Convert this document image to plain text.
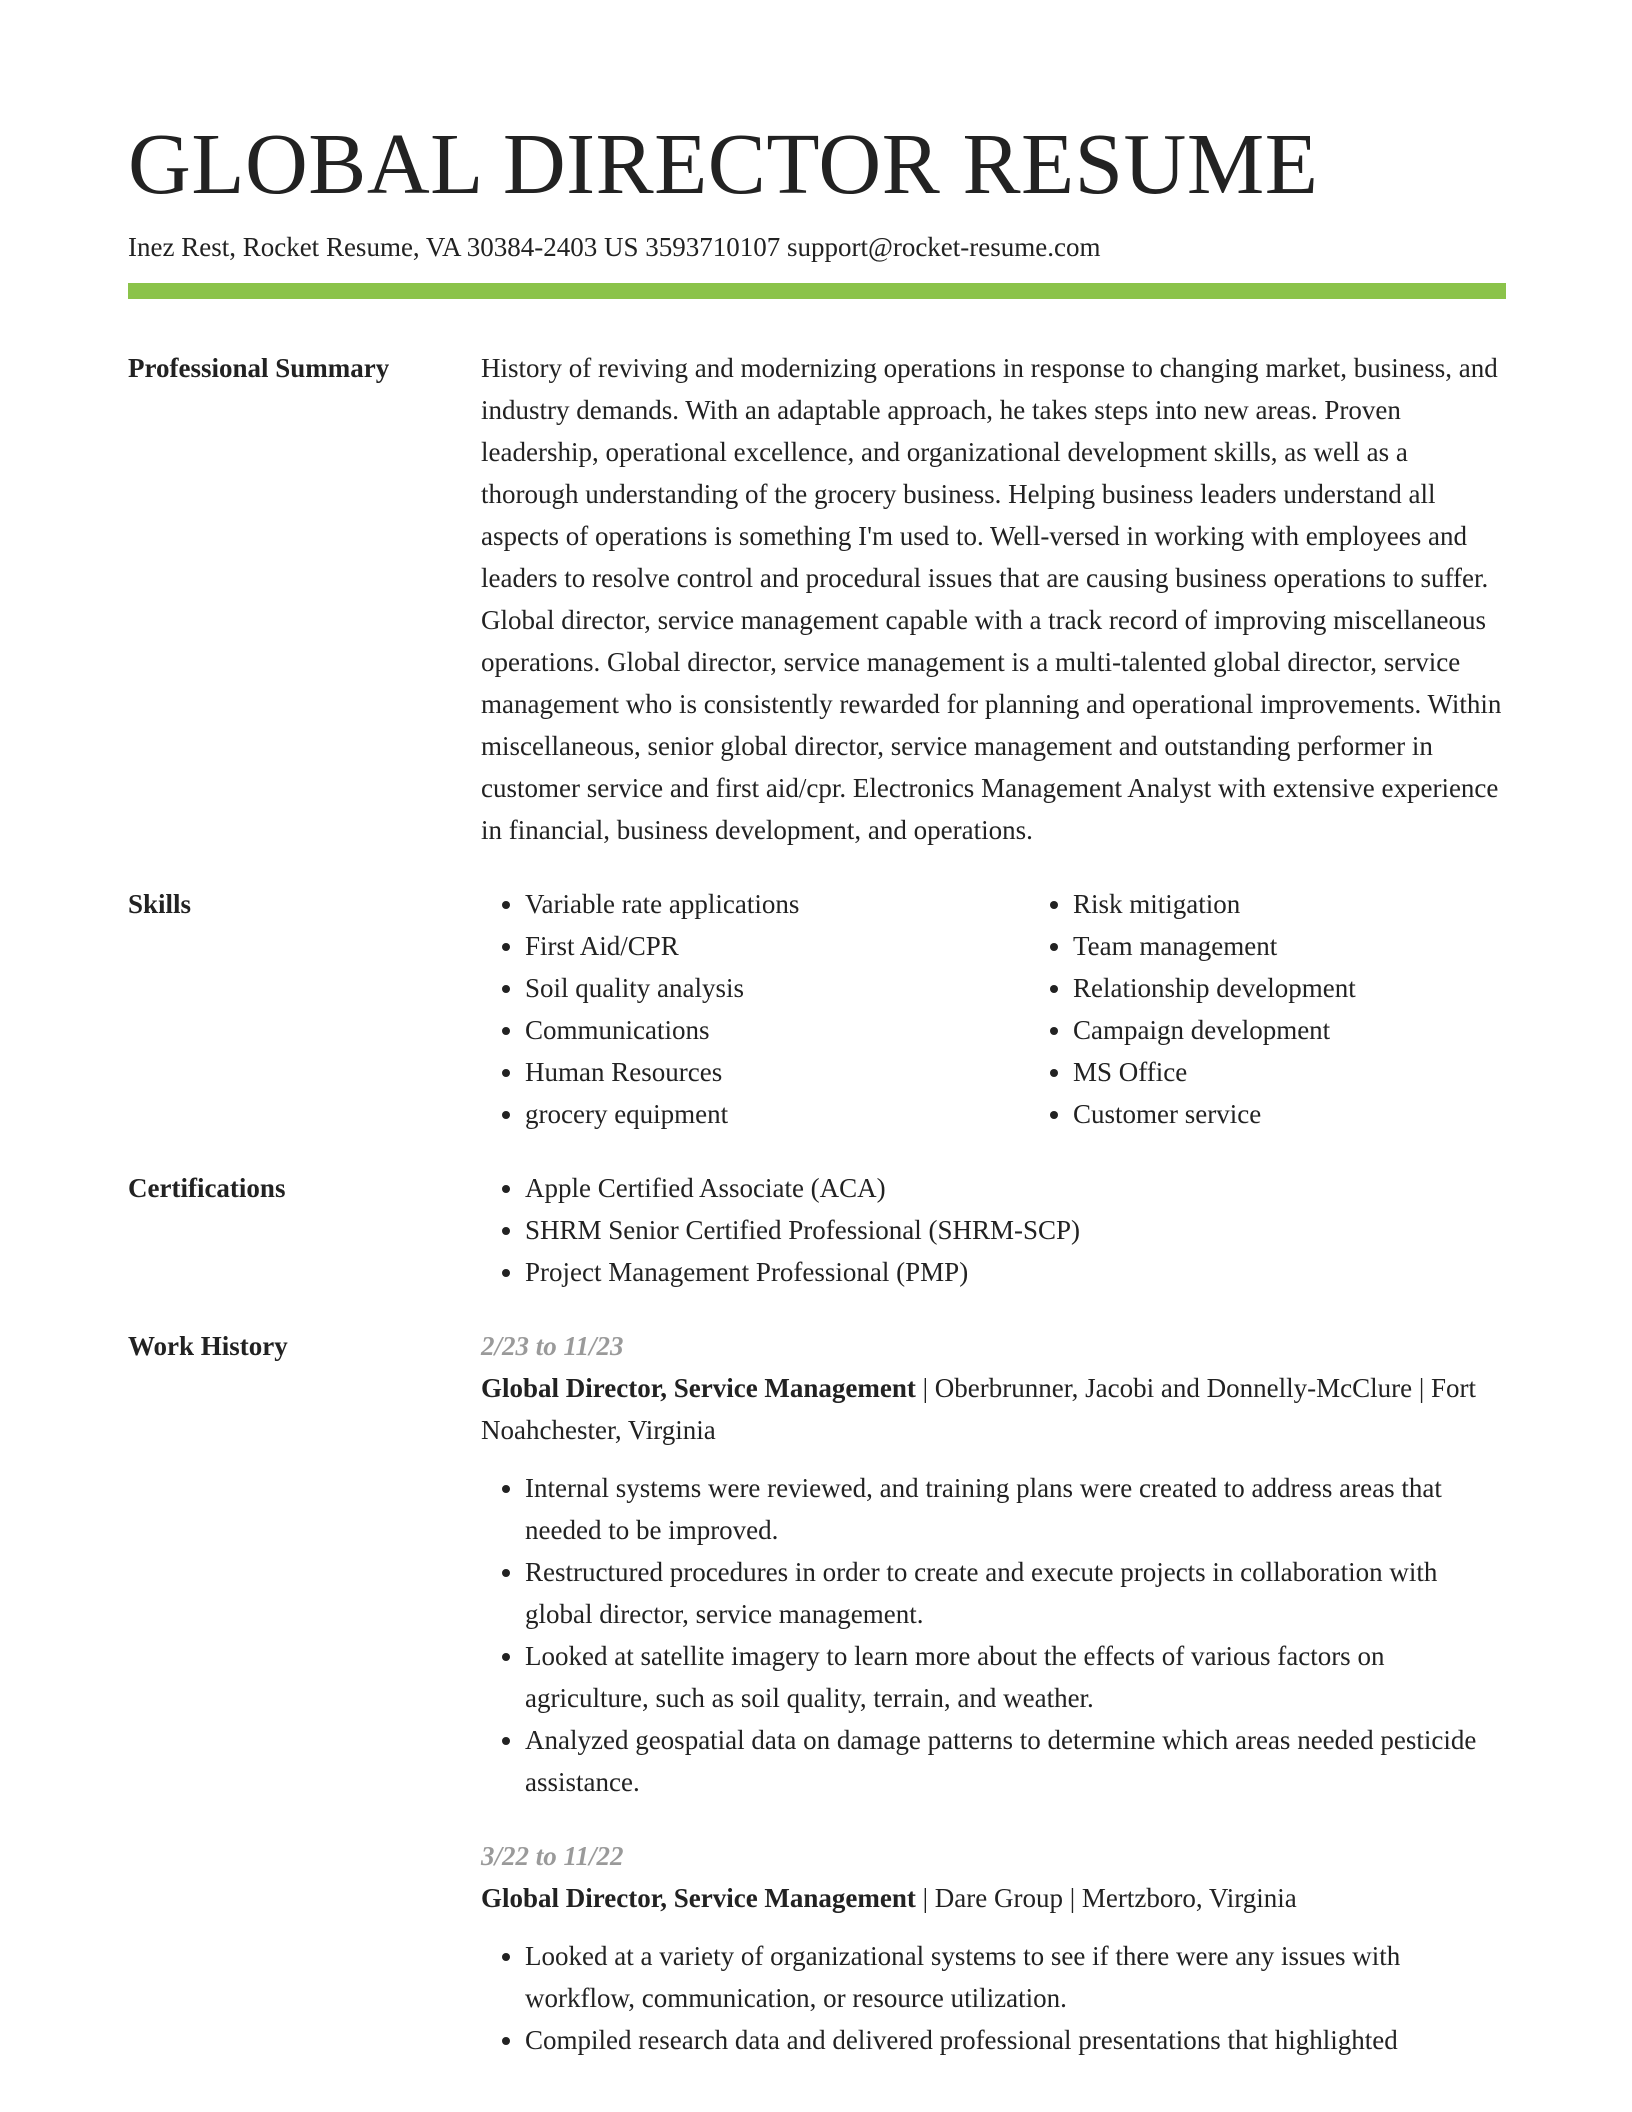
GLOBAL DIRECTOR RESUME
Inez Rest, Rocket Resume, VA 30384-2403 US 3593710107 support@rocket-resume.com
Professional Summary	History of reviving and modernizing operations in response to changing market, business, and industry demands. With an adaptable approach, he takes steps into new areas. Proven leadership, operational excellence, and organizational development skills, as well as a thorough understanding of the grocery business. Helping business leaders understand all aspects of operations is something I'm used to. Well-versed in working with employees and leaders to resolve control and procedural issues that are causing business operations to suffer. Global director, service management capable with a track record of improving miscellaneous operations. Global director, service management is a multi-talented global director, service management who is consistently rewarded for planning and operational improvements. Within miscellaneous, senior global director, service management and outstanding performer in customer service and first aid/cpr. Electronics Management Analyst with extensive experience in financial, business development, and operations.
Skills	• Variable rate applications
• First Aid/CPR
• Soil quality analysis
• Communications
• Human Resources
• grocery equipment
• Risk mitigation
• Team management
• Relationship development
• Campaign development
• MS Office
• Customer service
Certifications	• Apple Certified Associate (ACA)
• SHRM Senior Certified Professional (SHRM-SCP)
• Project Management Professional (PMP)
Work History	2/23 to 11/23
Global Director, Service Management | Oberbrunner, Jacobi and Donnelly-McClure | Fort Noahchester, Virginia
• Internal systems were reviewed, and training plans were created to address areas that needed to be improved.
• Restructured procedures in order to create and execute projects in collaboration with global director, service management.
• Looked at satellite imagery to learn more about the effects of various factors on agriculture, such as soil quality, terrain, and weather.
• Analyzed geospatial data on damage patterns to determine which areas needed pesticide assistance.
3/22 to 11/22
Global Director, Service Management | Dare Group | Mertzboro, Virginia
• Looked at a variety of organizational systems to see if there were any issues with workflow, communication, or resource utilization.
• Compiled research data and delivered professional presentations that highlighted
